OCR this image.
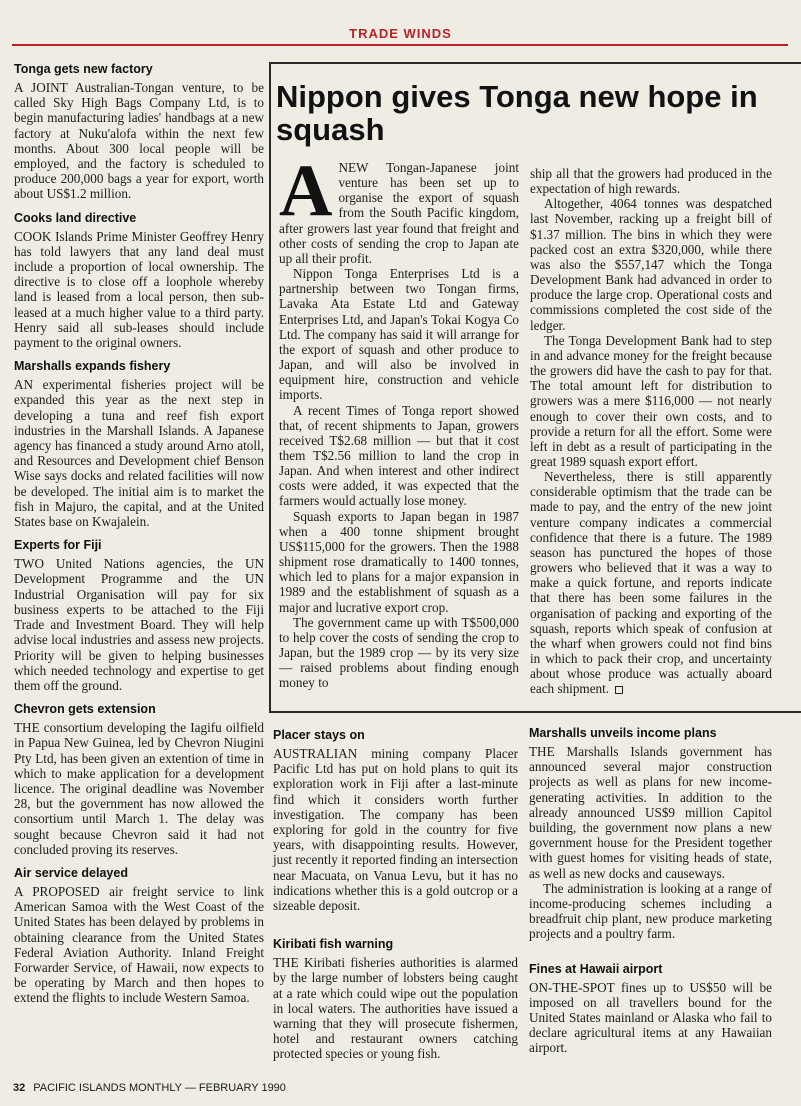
TRADE WINDS
Tonga gets new factory

A JOINT Australian-Tongan venture, to be called Sky High Bags Company Ltd, is to begin manufacturing ladies' handbags at a new factory at Nuku'alofa within the next few months. About 300 local people will be employed, and the factory is scheduled to produce 200,000 bags a year for export, worth about US$1.2 million.

Cooks land directive

COOK Islands Prime Minister Geoffrey Henry has told lawyers that any land deal must include a proportion of local ownership. The directive is to close off a loophole whereby land is leased from a local person, then sub-leased at a much higher value to a third party. Henry said all sub-leases should include payment to the original owners.

Marshalls expands fishery

AN experimental fisheries project will be expanded this year as the next step in developing a tuna and reef fish export industries in the Marshall Islands. A Japanese agency has financed a study around Arno atoll, and Resources and Development chief Benson Wise says docks and related facilities will now be developed. The initial aim is to market the fish in Majuro, the capital, and at the United States base on Kwajalein.

Experts for Fiji

TWO United Nations agencies, the UN Development Programme and the UN Industrial Organisation will pay for six business experts to be attached to the Fiji Trade and Investment Board. They will help advise local industries and assess new projects. Priority will be given to helping businesses which needed technology and expertise to get them off the ground.

Chevron gets extension

THE consortium developing the Iagifu oilfield in Papua New Guinea, led by Chevron Niugini Pty Ltd, has been given an extention of time in which to make application for a development licence. The original deadline was November 28, but the government has now allowed the consortium until March 1. The delay was sought because Chevron said it had not concluded proving its reserves.

Air service delayed

A PROPOSED air freight service to link American Samoa with the West Coast of the United States has been delayed by problems in obtaining clearance from the United States Federal Aviation Authority. Inland Freight Forwarder Service, of Hawaii, now expects to be operating by March and then hopes to extend the flights to include Western Samoa.

Nippon gives Tonga new hope in squash

ANEW Tongan-Japanese joint venture has been set up to organise the export of squash from the South Pacific kingdom, after growers last year found that freight and other costs of sending the crop to Japan ate up all their profit.

Nippon Tonga Enterprises Ltd is a partnership between two Tongan firms, Lavaka Ata Estate Ltd and Gateway Enterprises Ltd, and Japan's Tokai Kogya Co Ltd. The company has said it will arrange for the export of squash and other produce to Japan, and will also be involved in equipment hire, construction and vehicle imports.

A recent Times of Tonga report showed that, of recent shipments to Japan, growers received T$2.68 million — but that it cost them T$2.56 million to land the crop in Japan. And when interest and other indirect costs were added, it was expected that the farmers would actually lose money.

Squash exports to Japan began in 1987 when a 400 tonne shipment brought US$115,000 for the growers. Then the 1988 shipment rose dramatically to 1400 tonnes, which led to plans for a major expansion in 1989 and the establishment of squash as a major and lucrative export crop.

The government came up with T$500,000 to help cover the costs of sending the crop to Japan, but the 1989 crop — by its very size — raised problems about finding enough money to

ship all that the growers had produced in the expectation of high rewards.

Altogether, 4064 tonnes was despatched last November, racking up a freight bill of $1.37 million. The bins in which they were packed cost an extra $320,000, while there was also the $557,147 which the Tonga Development Bank had advanced in order to produce the large crop. Operational costs and commissions completed the cost side of the ledger.

The Tonga Development Bank had to step in and advance money for the freight because the growers did have the cash to pay for that. The total amount left for distribution to growers was a mere $116,000 — not nearly enough to cover their own costs, and to provide a return for all the effort. Some were left in debt as a result of participating in the great 1989 squash export effort.

Nevertheless, there is still apparently considerable optimism that the trade can be made to pay, and the entry of the new joint venture company indicates a commercial confidence that there is a future. The 1989 season has punctured the hopes of those growers who believed that it was a way to make a quick fortune, and reports indicate that there has been some failures in the organisation of packing and exporting of the squash, reports which speak of confusion at the wharf when growers could not find bins in which to pack their crop, and uncertainty about whose produce was actually aboard each shipment.

Placer stays on

AUSTRALIAN mining company Placer Pacific Ltd has put on hold plans to quit its exploration work in Fiji after a last-minute find which it considers worth further investigation. The company has been exploring for gold in the country for five years, with disappointing results. However, just recently it reported finding an intersection near Macuata, on Vanua Levu, but it has no indications whether this is a gold outcrop or a sizeable deposit.

Kiribati fish warning

THE Kiribati fisheries authorities is alarmed by the large number of lobsters being caught at a rate which could wipe out the population in local waters. The authorities have issued a warning that they will prosecute fishermen, hotel and restaurant owners catching protected species or young fish.

Marshalls unveils income plans

THE Marshalls Islands government has announced several major construction projects as well as plans for new income-generating activities. In addition to the already announced US$9 million Capitol building, the government now plans a new government house for the President together with guest homes for visiting heads of state, as well as new docks and causeways.

The administration is looking at a range of income-producing schemes including a breadfruit chip plant, new produce marketing projects and a poultry farm.

Fines at Hawaii airport

ON-THE-SPOT fines up to US$50 will be imposed on all travellers bound for the United States mainland or Alaska who fail to declare agricultural items at any Hawaiian airport.

32 PACIFIC ISLANDS MONTHLY — FEBRUARY 1990
